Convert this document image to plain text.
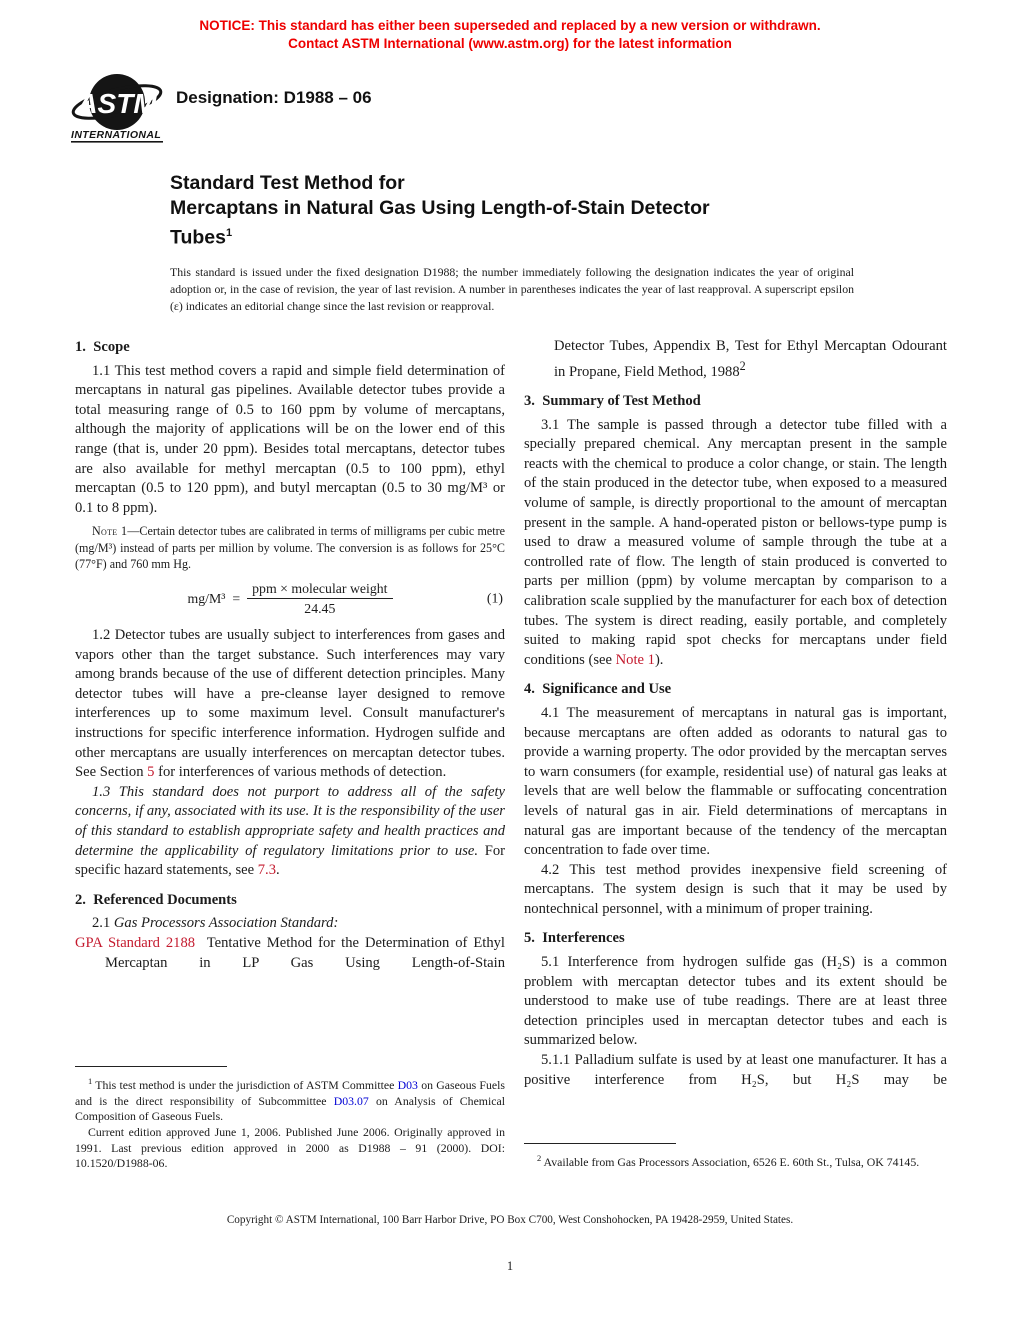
NOTICE: This standard has either been superseded and replaced by a new version or withdrawn.
Contact ASTM International (www.astm.org) for the latest information
ASTM
INTERNATIONAL
Designation: D1988 – 06
Standard Test Method for
Mercaptans in Natural Gas Using Length-of-Stain Detector
Tubes$^1$
This standard is issued under the fixed designation D1988; the number immediately following the designation indicates the year of original adoption or, in the case of revision, the year of last revision. A number in parentheses indicates the year of last reapproval. A superscript epsilon (ε) indicates an editorial change since the last revision or reapproval.
1.  Scope

1.1 This test method covers a rapid and simple field determination of mercaptans in natural gas pipelines. Available detector tubes provide a total measuring range of 0.5 to 160 ppm by volume of mercaptans, although the majority of applications will be on the lower end of this range (that is, under 20 ppm). Besides total mercaptans, detector tubes are also available for methyl mercaptan (0.5 to 100 ppm), ethyl mercaptan (0.5 to 120 ppm), and butyl mercaptan (0.5 to 30 mg/M³ or 0.1 to 8 ppm).

Note 1—Certain detector tubes are calibrated in terms of milligrams per cubic metre (mg/M³) instead of parts per million by volume. The conversion is as follows for 25°C (77°F) and 760 mm Hg.

$mg/M^3 = \frac{\text{ppm × molecular weight}}{24.45}$	(1)

1.2 Detector tubes are usually subject to interferences from gases and vapors other than the target substance. Such interferences may vary among brands because of the use of different detection principles. Many detector tubes will have a pre-cleanse layer designed to remove interferences up to some maximum level. Consult manufacturer's instructions for specific interference information. Hydrogen sulfide and other mercaptans are usually interferences on mercaptan detector tubes. See Section 5 for interferences of various methods of detection.

1.3 This standard does not purport to address all of the safety concerns, if any, associated with its use. It is the responsibility of the user of this standard to establish appropriate safety and health practices and determine the applicability of regulatory limitations prior to use. For specific hazard statements, see 7.3.

2.  Referenced Documents

2.1 Gas Processors Association Standard:

GPA Standard 2188  Tentative Method for the Determination of Ethyl Mercaptan in LP Gas Using Length-of-Stain

Detector Tubes, Appendix B, Test for Ethyl Mercaptan Odourant in Propane, Field Method, 1988$^2$

3.  Summary of Test Method

3.1 The sample is passed through a detector tube filled with a specially prepared chemical. Any mercaptan present in the sample reacts with the chemical to produce a color change, or stain. The length of the stain produced in the detector tube, when exposed to a measured volume of sample, is directly proportional to the amount of mercaptan present in the sample. A hand-operated piston or bellows-type pump is used to draw a measured volume of sample through the tube at a controlled rate of flow. The length of stain produced is converted to parts per million (ppm) by volume mercaptan by comparison to a calibration scale supplied by the manufacturer for each box of detection tubes. The system is direct reading, easily portable, and completely suited to making rapid spot checks for mercaptans under field conditions (see Note 1).

4.  Significance and Use

4.1 The measurement of mercaptans in natural gas is important, because mercaptans are often added as odorants to natural gas to provide a warning property. The odor provided by the mercaptan serves to warn consumers (for example, residential use) of natural gas leaks at levels that are well below the flammable or suffocating concentration levels of natural gas in air. Field determinations of mercaptans in natural gas are important because of the tendency of the mercaptan concentration to fade over time.

4.2 This test method provides inexpensive field screening of mercaptans. The system design is such that it may be used by nontechnical personnel, with a minimum of proper training.

5.  Interferences

5.1 Interference from hydrogen sulfide gas (H₂S) is a common problem with mercaptan detector tubes and its extent should be understood to make use of tube readings. There are at least three detection principles used in mercaptan detector tubes and each is summarized below.

5.1.1 Palladium sulfate is used by at least one manufacturer. It has a positive interference from H₂S, but H₂S may be

$^1$ This test method is under the jurisdiction of ASTM Committee D03 on Gaseous Fuels and is the direct responsibility of Subcommittee D03.07 on Analysis of Chemical Composition of Gaseous Fuels.

Current edition approved June 1, 2006. Published June 2006. Originally approved in 1991. Last previous edition approved in 2000 as D1988 – 91 (2000). DOI: 10.1520/D1988-06.	$^2$ Available from Gas Processors Association, 6526 E. 60th St., Tulsa, OK 74145.

Copyright © ASTM International, 100 Barr Harbor Drive, PO Box C700, West Conshohocken, PA 19428-2959, United States.
1
